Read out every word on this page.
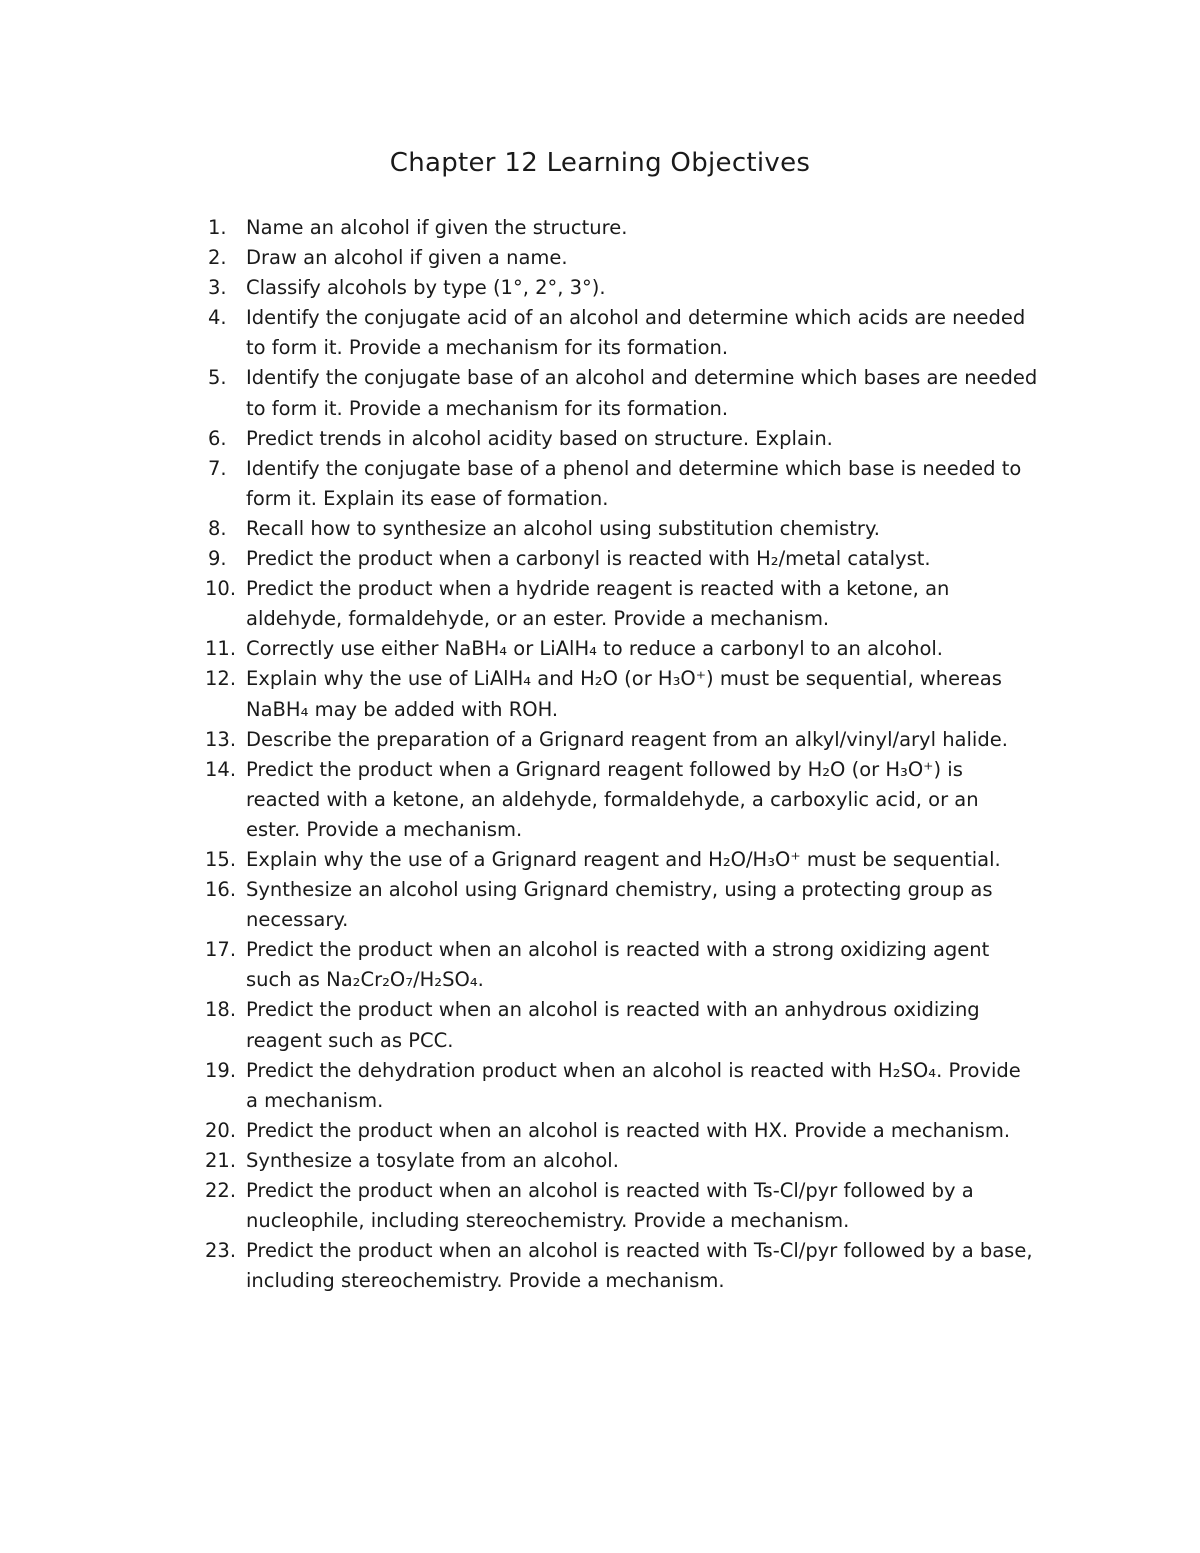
Chapter 12 Learning Objectives
1. Name an alcohol if given the structure.
2. Draw an alcohol if given a name.
3. Classify alcohols by type (1°, 2°, 3°).
4. Identify the conjugate acid of an alcohol and determine which acids are needed to form it. Provide a mechanism for its formation.
5. Identify the conjugate base of an alcohol and determine which bases are needed to form it. Provide a mechanism for its formation.
6. Predict trends in alcohol acidity based on structure. Explain.
7. Identify the conjugate base of a phenol and determine which base is needed to form it. Explain its ease of formation.
8. Recall how to synthesize an alcohol using substitution chemistry.
9. Predict the product when a carbonyl is reacted with H₂/metal catalyst.
10. Predict the product when a hydride reagent is reacted with a ketone, an aldehyde, formaldehyde, or an ester. Provide a mechanism.
11. Correctly use either NaBH₄ or LiAlH₄ to reduce a carbonyl to an alcohol.
12. Explain why the use of LiAlH₄ and H₂O (or H₃O⁺) must be sequential, whereas NaBH₄ may be added with ROH.
13. Describe the preparation of a Grignard reagent from an alkyl/vinyl/aryl halide.
14. Predict the product when a Grignard reagent followed by H₂O (or H₃O⁺) is reacted with a ketone, an aldehyde, formaldehyde, a carboxylic acid, or an ester. Provide a mechanism.
15. Explain why the use of a Grignard reagent and H₂O/H₃O⁺ must be sequential.
16. Synthesize an alcohol using Grignard chemistry, using a protecting group as necessary.
17. Predict the product when an alcohol is reacted with a strong oxidizing agent such as Na₂Cr₂O₇/H₂SO₄.
18. Predict the product when an alcohol is reacted with an anhydrous oxidizing reagent such as PCC.
19. Predict the dehydration product when an alcohol is reacted with H₂SO₄. Provide a mechanism.
20. Predict the product when an alcohol is reacted with HX. Provide a mechanism.
21. Synthesize a tosylate from an alcohol.
22. Predict the product when an alcohol is reacted with Ts-Cl/pyr followed by a nucleophile, including stereochemistry. Provide a mechanism.
23. Predict the product when an alcohol is reacted with Ts-Cl/pyr followed by a base, including stereochemistry. Provide a mechanism.
